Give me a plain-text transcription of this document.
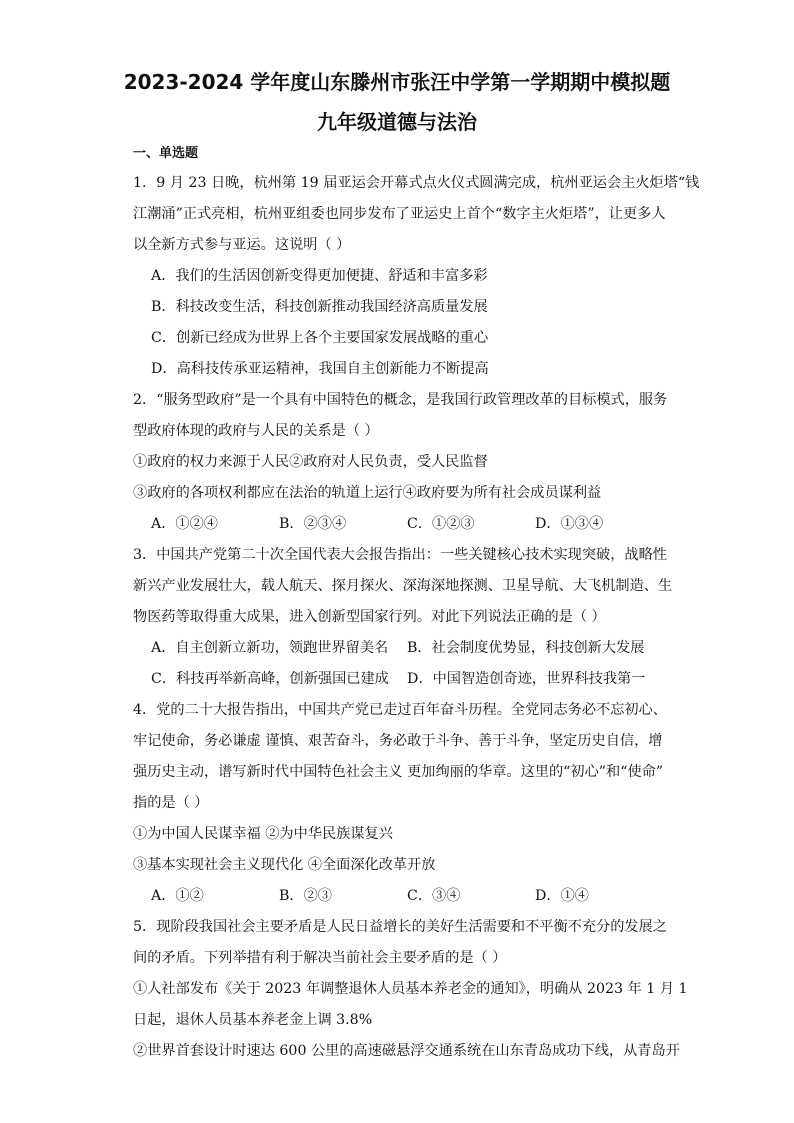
2023-2024 学年度山东滕州市张汪中学第一学期期中模拟题
九年级道德与法治
一、单选题
1．9 月 23 日晚，杭州第 19 届亚运会开幕式点火仪式圆满完成，杭州亚运会主火炬塔“钱
江潮涌”正式亮相，杭州亚组委也同步发布了亚运史上首个“数字主火炬塔”，让更多人
以全新方式参与亚运。这说明（ ）
A．我们的生活因创新变得更加便捷、舒适和丰富多彩
B．科技改变生活，科技创新推动我国经济高质量发展
C．创新已经成为世界上各个主要国家发展战略的重心
D．高科技传承亚运精神，我国自主创新能力不断提高
2．“服务型政府”是一个具有中国特色的概念，是我国行政管理改革的目标模式，服务
型政府体现的政府与人民的关系是（ ）
①政府的权力来源于人民②政府对人民负责，受人民监督
③政府的各项权利都应在法治的轨道上运行④政府要为所有社会成员谋利益
A．①②④	B．②③④	C．①②③	D．①③④
3．中国共产党第二十次全国代表大会报告指出：一些关键核心技术实现突破，战略性
新兴产业发展壮大，载人航天、探月探火、深海深地探测、卫星导航、大飞机制造、生
物医药等取得重大成果，进入创新型国家行列。对此下列说法正确的是（ ）
A．自主创新立新功，领跑世界留美名	B．社会制度优势显，科技创新大发展
C．科技再举新高峰，创新强国已建成	D．中国智造创奇迹，世界科技我第一
4．党的二十大报告指出，中国共产党已走过百年奋斗历程。全党同志务必不忘初心、
牢记使命，务必谦虚 谨慎、艰苦奋斗，务必敢于斗争、善于斗争，坚定历史自信，增
强历史主动，谱写新时代中国特色社会主义 更加绚丽的华章。这里的“初心”和“使命”
指的是（ ）
①为中国人民谋幸福 ②为中华民族谋复兴
③基本实现社会主义现代化 ④全面深化改革开放
A．①②	B．②③	C．③④	D．①④
5．现阶段我国社会主要矛盾是人民日益增长的美好生活需要和不平衡不充分的发展之
间的矛盾。下列举措有利于解决当前社会主要矛盾的是（ ）
①人社部发布《关于 2023 年调整退休人员基本养老金的通知》，明确从 2023 年 1 月 1
日起，退休人员基本养老金上调 3.8%
②世界首套设计时速达 600 公里的高速磁悬浮交通系统在山东青岛成功下线，从青岛开
